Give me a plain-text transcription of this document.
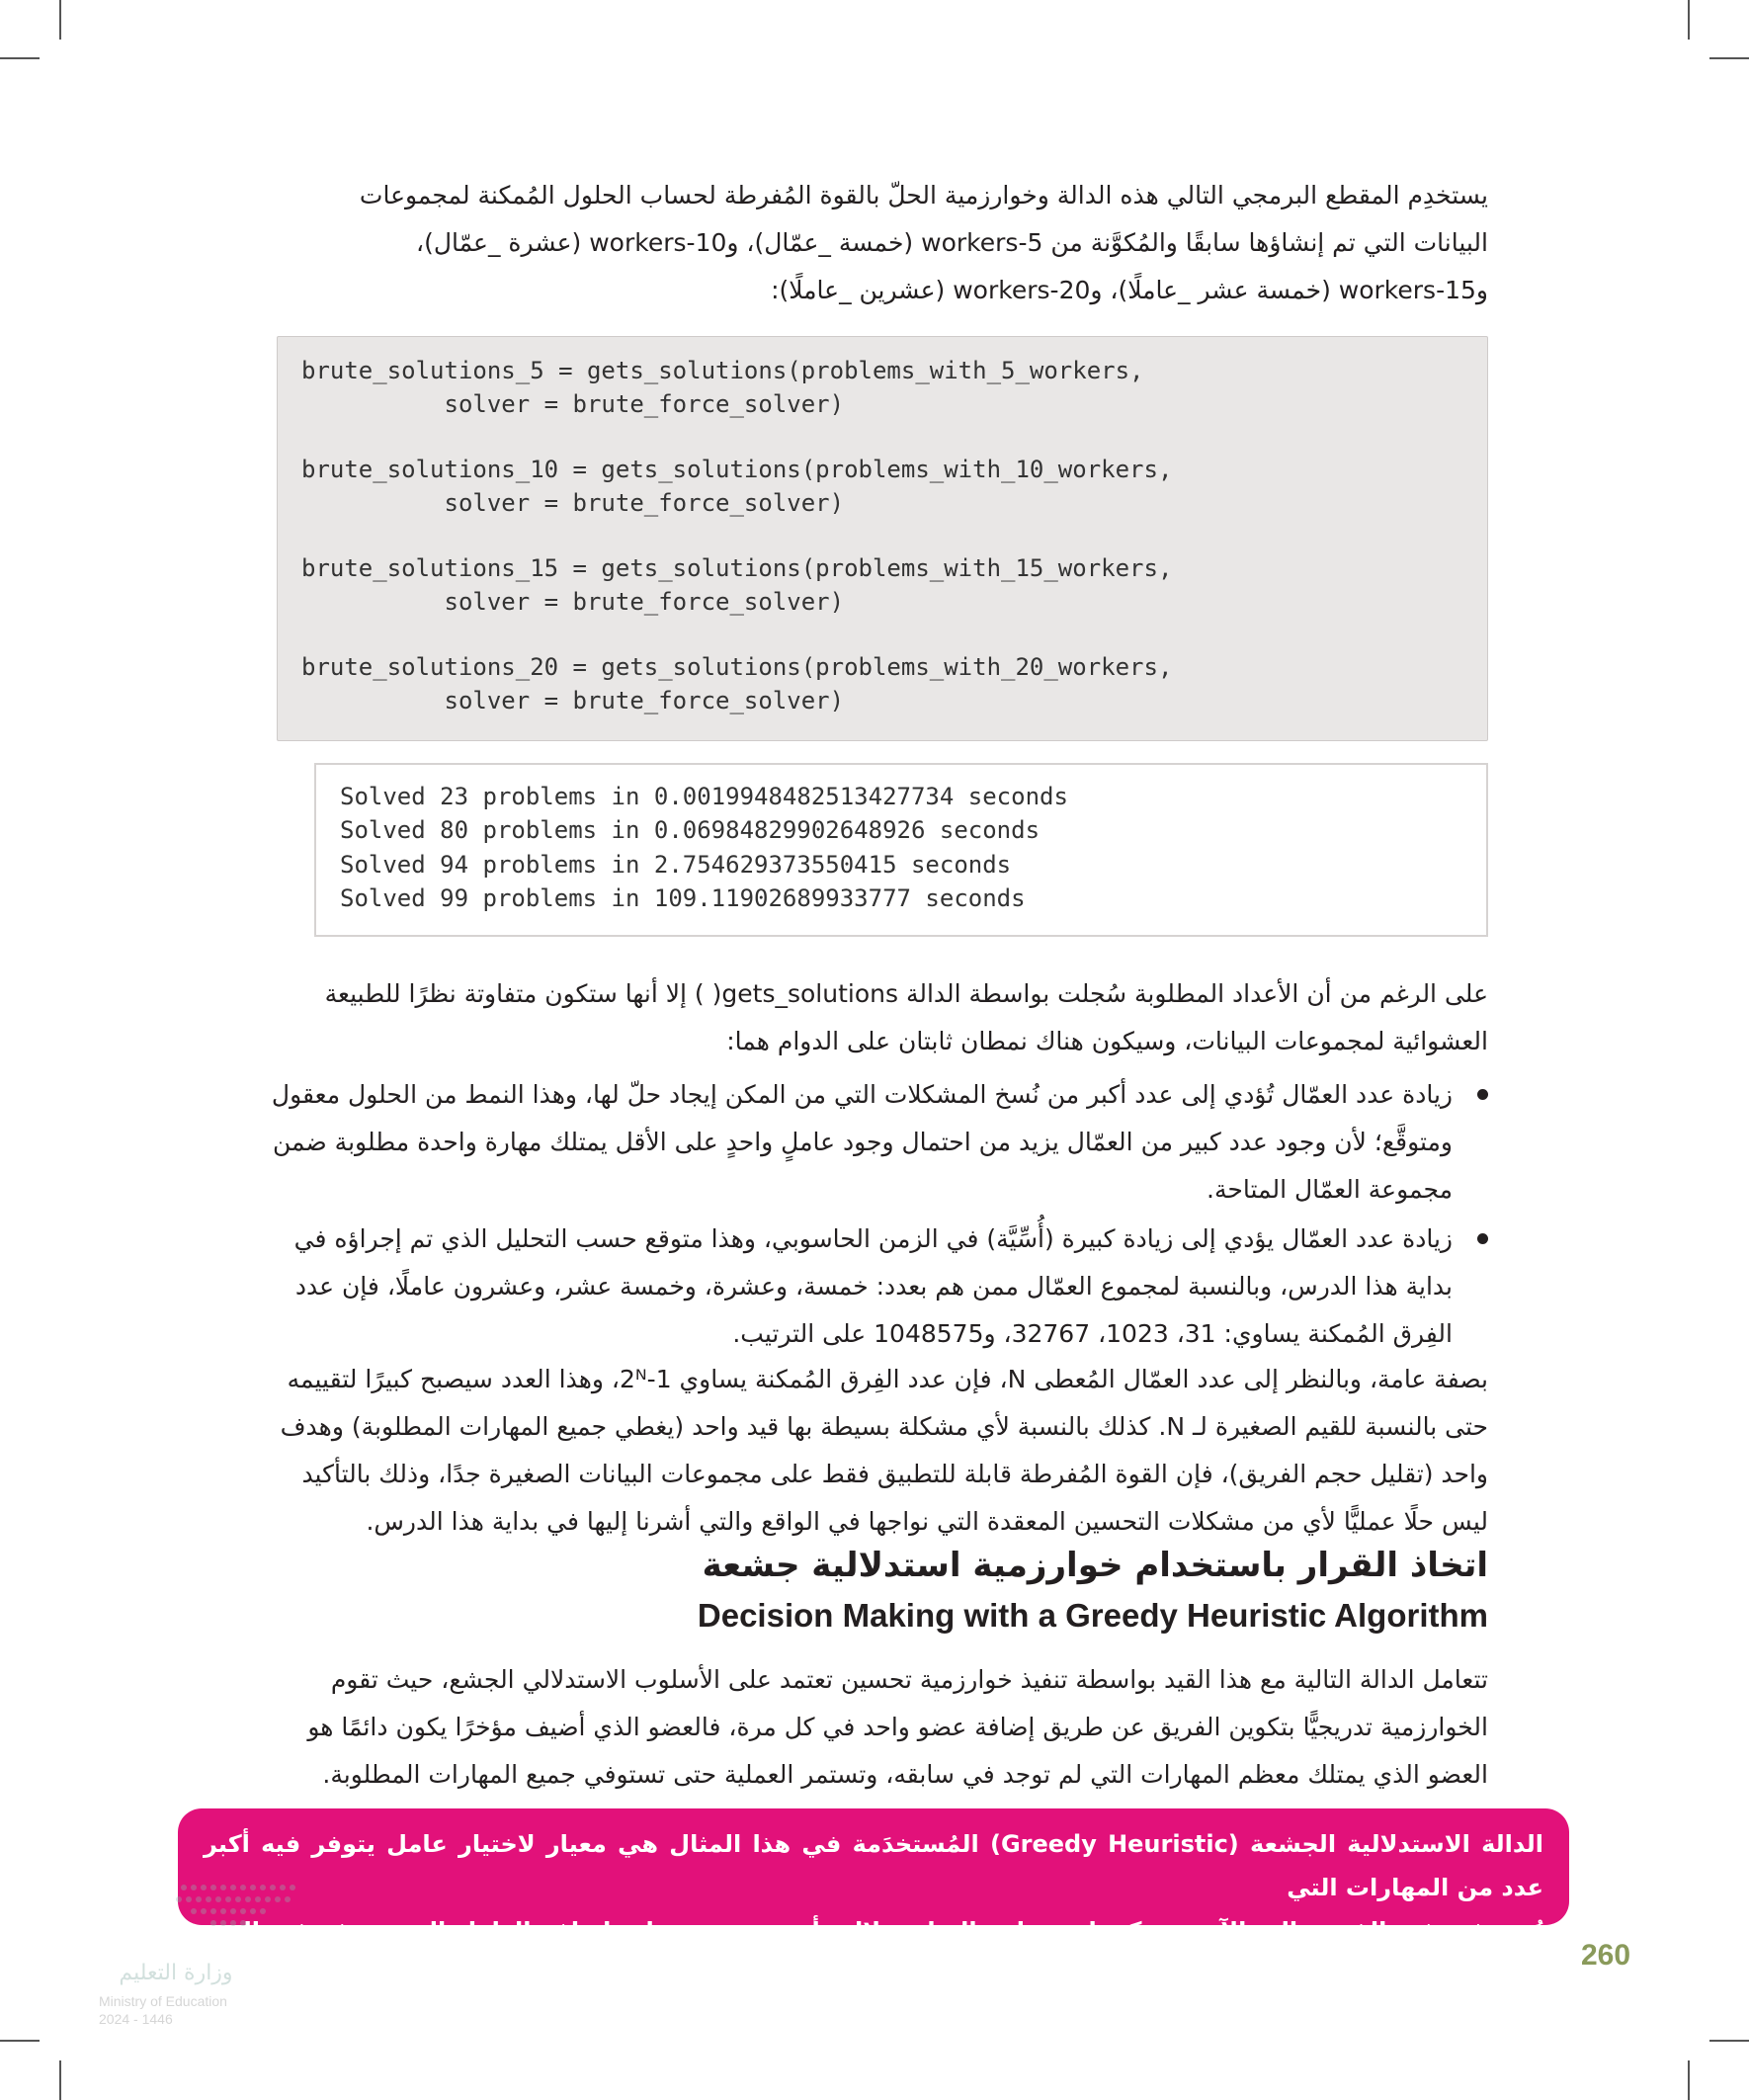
يستخدِم المقطع البرمجي التالي هذه الدالة وخوارزمية الحلّ بالقوة المُفرطة لحساب الحلول المُمكنة لمجموعات
البيانات التي تم إنشاؤها سابقًا والمُكوَّنة من 5-workers (خمسة _عمّال)، و10-workers (عشرة _عمّال)،
و15-workers (خمسة عشر _عاملًا)، و20-workers (عشرين _عاملًا):
brute_solutions_5 = gets_solutions(problems_with_5_workers,
solver = brute_force_solver)
brute_solutions_10 = gets_solutions(problems_with_10_workers,
solver = brute_force_solver)
brute_solutions_15 = gets_solutions(problems_with_15_workers,
solver = brute_force_solver)
brute_solutions_20 = gets_solutions(problems_with_20_workers,
solver = brute_force_solver)
Solved 23 problems in 0.0019948482513427734 seconds
Solved 80 problems in 0.06984829902648926 seconds
Solved 94 problems in 2.754629373550415 seconds
Solved 99 problems in 109.11902689933777 seconds
على الرغم من أن الأعداد المطلوبة سُجلت بواسطة الدالة gets_solutions( ) إلا أنها ستكون متفاوتة نظرًا للطبيعة
العشوائية لمجموعات البيانات، وسيكون هناك نمطان ثابتان على الدوام هما:
زيادة عدد العمّال تُؤدي إلى عدد أكبر من نُسخ المشكلات التي من المكن إيجاد حلّ لها، وهذا النمط من الحلول معقول
ومتوقَّع؛ لأن وجود عدد كبير من العمّال يزيد من احتمال وجود عاملٍ واحدٍ على الأقل يمتلك مهارة واحدة مطلوبة ضمن
مجموعة العمّال المتاحة.
زيادة عدد العمّال يؤدي إلى زيادة كبيرة (أُسِّيَّة) في الزمن الحاسوبي، وهذا متوقع حسب التحليل الذي تم إجراؤه في
بداية هذا الدرس، وبالنسبة لمجموع العمّال ممن هم بعدد: خمسة، وعشرة، وخمسة عشر، وعشرون عاملًا، فإن عدد
الفِرق المُمكنة يساوي: 31، 1023، 32767، و1048575 على الترتيب.
بصفة عامة، وبالنظر إلى عدد العمّال المُعطى N، فإن عدد الفِرق المُمكنة يساوي 2ᴺ-1، وهذا العدد سيصبح كبيرًا لتقييمه
حتى بالنسبة للقيم الصغيرة لـ N. كذلك بالنسبة لأي مشكلة بسيطة بها قيد واحد (يغطي جميع المهارات المطلوبة) وهدف
واحد (تقليل حجم الفريق)، فإن القوة المُفرطة قابلة للتطبيق فقط على مجموعات البيانات الصغيرة جدًا، وذلك بالتأكيد
ليس حلًا عمليًّا لأي من مشكلات التحسين المعقدة التي نواجها في الواقع والتي أشرنا إليها في بداية هذا الدرس.
اتخاذ القرار باستخدام خوارزمية استدلالية جشعة
Decision Making with a Greedy Heuristic Algorithm
تتعامل الدالة التالية مع هذا القيد بواسطة تنفيذ خوارزمية تحسين تعتمد على الأسلوب الاستدلالي الجشع، حيث تقوم
الخوارزمية تدريجيًّا بتكوين الفريق عن طريق إضافة عضو واحد في كل مرة، فالعضو الذي أضيف مؤخرًا يكون دائمًا هو
العضو الذي يمتلك معظم المهارات التي لم توجد في سابقه، وتستمر العملية حتى تستوفي جميع المهارات المطلوبة.
الدالة الاستدلالية الجشعة (Greedy Heuristic) المُستخدَمة في هذا المثال هي معيار لاختيار عامل يتوفر فيه أكبر عدد من المهارات التي
تُستوفى في الفريق إلى الآن، ويمكن استخدام دالة استدلالية أخرى، مبنية على إضافة العامل الذي يتوفر فيه العدد الأكبر من المهارات أولًا.
وزارة التعليم
Ministry of Education
2024 - 1446
260
